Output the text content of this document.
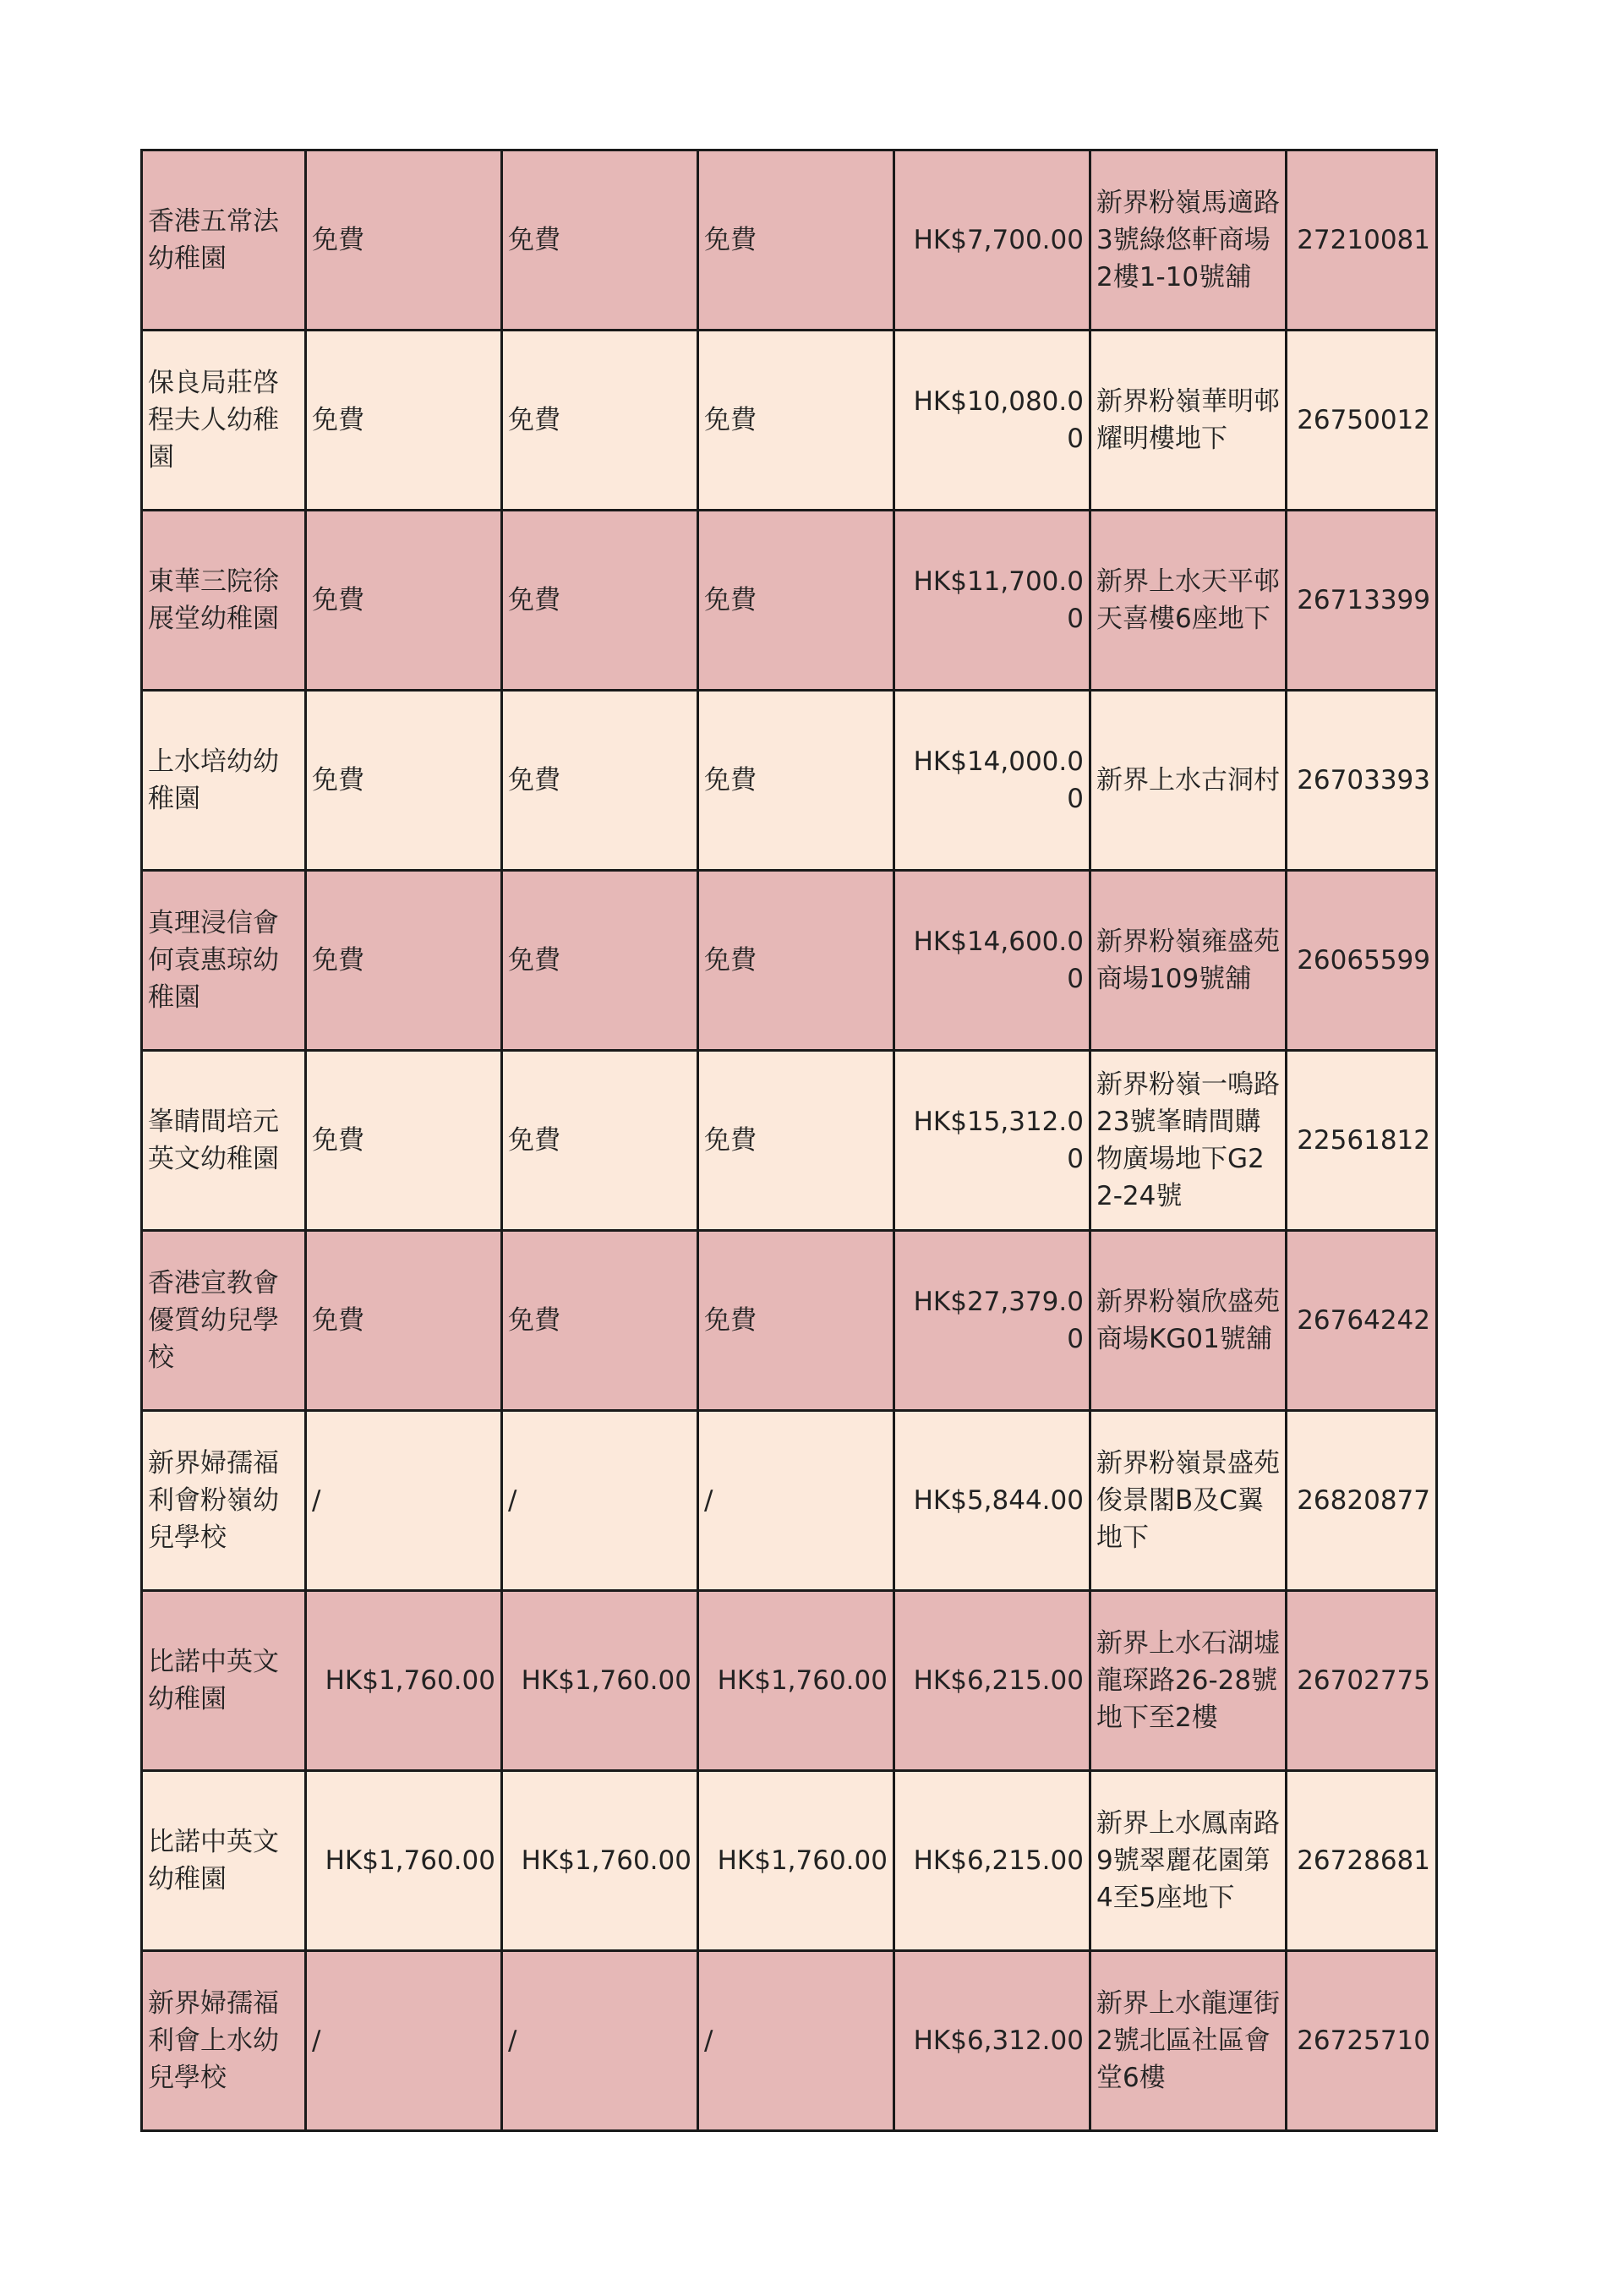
香港五常法幼稚園	免費	免費	免費	HK$7,700.00	新界粉嶺馬適路3號綠悠軒商場2樓1-10號舖	27210081
保良局莊啓程夫人幼稚園	免費	免費	免費	HK$10,080.00	新界粉嶺華明邨耀明樓地下	26750012
東華三院徐展堂幼稚園	免費	免費	免費	HK$11,700.00	新界上水天平邨天喜樓6座地下	26713399
上水培幼幼稚園	免費	免費	免費	HK$14,000.00	新界上水古洞村	26703393
真理浸信會何袁惠琼幼稚園	免費	免費	免費	HK$14,600.00	新界粉嶺雍盛苑商場109號舖	26065599
峯睛間培元英文幼稚園	免費	免費	免費	HK$15,312.00	新界粉嶺一鳴路23號峯睛間購物廣場地下G22-24號	22561812
香港宣教會優質幼兒學校	免費	免費	免費	HK$27,379.00	新界粉嶺欣盛苑商場KG01號舖	26764242
新界婦孺福利會粉嶺幼兒學校	/	/	/	HK$5,844.00	新界粉嶺景盛苑俊景閣B及C翼地下	26820877
比諾中英文幼稚園	HK$1,760.00	HK$1,760.00	HK$1,760.00	HK$6,215.00	新界上水石湖墟龍琛路26-28號地下至2樓	26702775
比諾中英文幼稚園	HK$1,760.00	HK$1,760.00	HK$1,760.00	HK$6,215.00	新界上水鳳南路9號翠麗花園第4至5座地下	26728681
新界婦孺福利會上水幼兒學校	/	/	/	HK$6,312.00	新界上水龍運街2號北區社區會堂6樓	26725710
